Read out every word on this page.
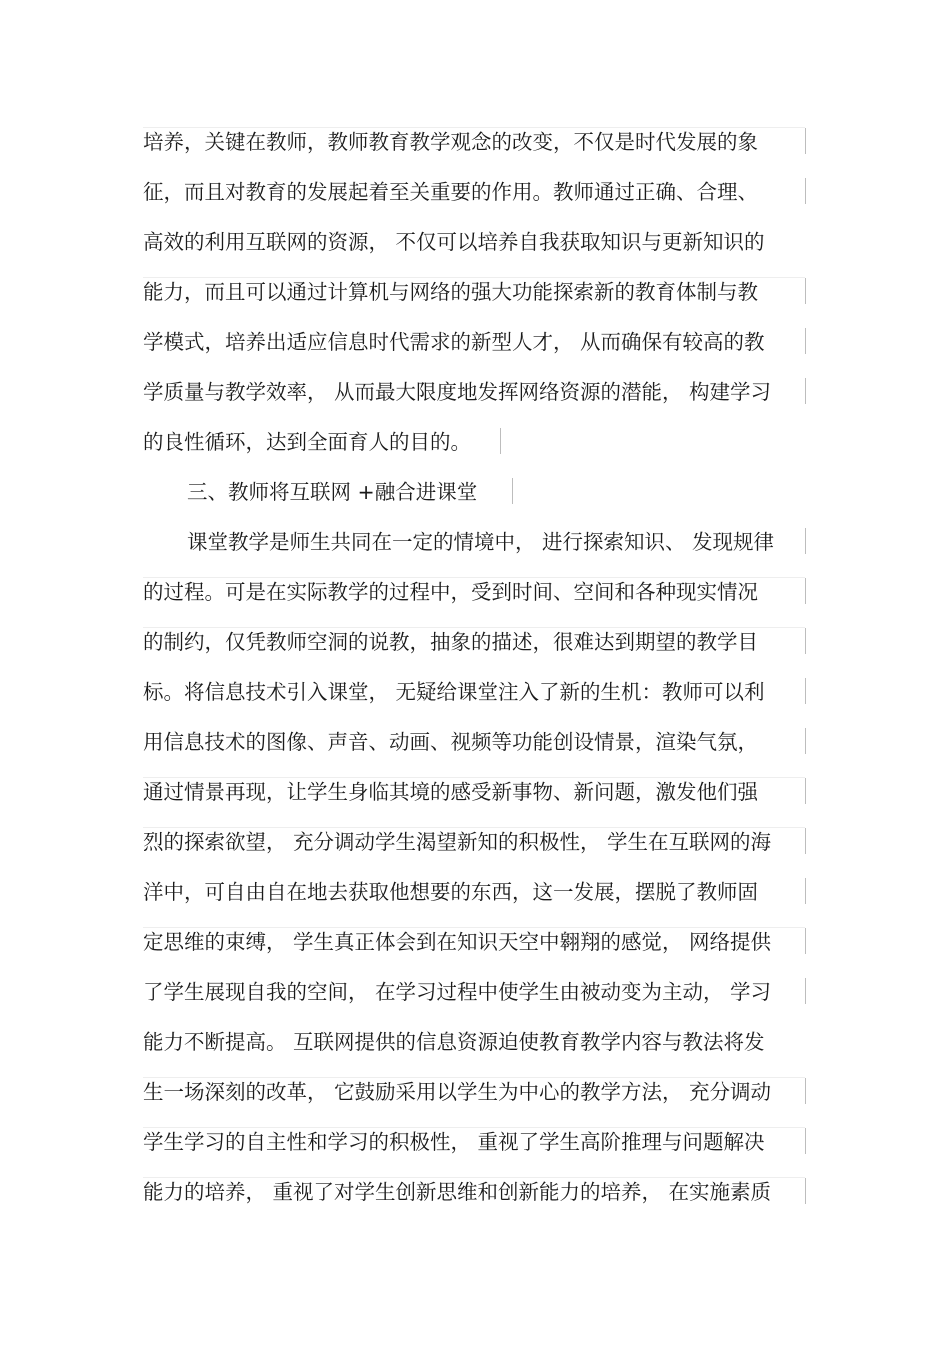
培养，关键在教师，教师教育教学观念的改变，不仅是时代发展的象
征，而且对教育的发展起着至关重要的作用。教师通过正确、合理、
高效的利用互联网的资源， 不仅可以培养自我获取知识与更新知识的
能力，而且可以通过计算机与网络的强大功能探索新的教育体制与教
学模式，培养出适应信息时代需求的新型人才， 从而确保有较高的教
学质量与教学效率， 从而最大限度地发挥网络资源的潜能， 构建学习
的良性循环，达到全面育人的目的。
三、教师将互联网 +融合进课堂
课堂教学是师生共同在一定的情境中， 进行探索知识、 发现规律
的过程。可是在实际教学的过程中，受到时间、空间和各种现实情况
的制约，仅凭教师空洞的说教，抽象的描述，很难达到期望的教学目
标。将信息技术引入课堂， 无疑给课堂注入了新的生机：教师可以利
用信息技术的图像、声音、动画、视频等功能创设情景，渲染气氛，
通过情景再现，让学生身临其境的感受新事物、新问题，激发他们强
烈的探索欲望， 充分调动学生渴望新知的积极性， 学生在互联网的海
洋中，可自由自在地去获取他想要的东西，这一发展，摆脱了教师固
定思维的束缚， 学生真正体会到在知识天空中翱翔的感觉， 网络提供
了学生展现自我的空间， 在学习过程中使学生由被动变为主动， 学习
能力不断提高。 互联网提供的信息资源迫使教育教学内容与教法将发
生一场深刻的改革， 它鼓励采用以学生为中心的教学方法， 充分调动
学生学习的自主性和学习的积极性， 重视了学生高阶推理与问题解决
能力的培养， 重视了对学生创新思维和创新能力的培养， 在实施素质
